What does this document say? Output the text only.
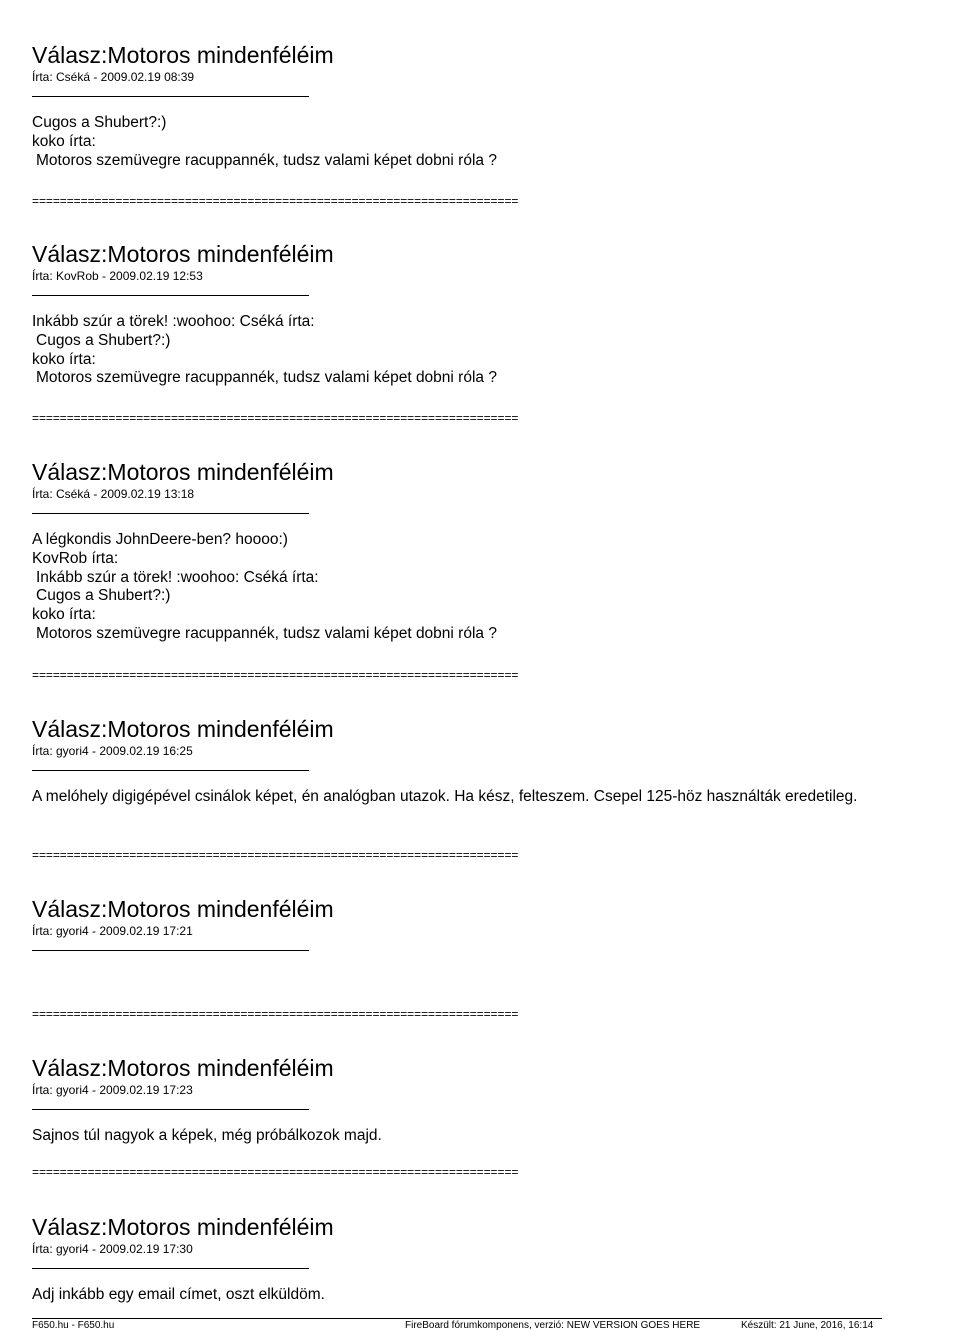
Válasz:Motoros mindenféléim
Írta: Cséká - 2009.02.19 08:39
Cugos a Shubert?:)
koko írta:
Motoros szemüvegre racuppannék, tudsz valami képet dobni róla ?
======================================================================
Válasz:Motoros mindenféléim
Írta: KovRob - 2009.02.19 12:53
Inkább szúr a törek! :woohoo: Cséká írta:
Cugos a Shubert?:)
koko írta:
Motoros szemüvegre racuppannék, tudsz valami képet dobni róla ?
======================================================================
Válasz:Motoros mindenféléim
Írta: Cséká - 2009.02.19 13:18
A légkondis JohnDeere-ben? hoooo:)
KovRob írta:
Inkább szúr a törek! :woohoo: Cséká írta:
Cugos a Shubert?:)
koko írta:
Motoros szemüvegre racuppannék, tudsz valami képet dobni róla ?
======================================================================
Válasz:Motoros mindenféléim
Írta: gyori4 - 2009.02.19 16:25
A melóhely digigépével csinálok képet, én analógban utazok. Ha kész, felteszem. Csepel 125-höz használták eredetileg.
======================================================================
Válasz:Motoros mindenféléim
Írta: gyori4 - 2009.02.19 17:21
======================================================================
Válasz:Motoros mindenféléim
Írta: gyori4 - 2009.02.19 17:23
Sajnos túl nagyok a képek, még próbálkozok majd.
======================================================================
Válasz:Motoros mindenféléim
Írta: gyori4 - 2009.02.19 17:30
Adj inkább egy email címet, oszt elküldöm.
F650.hu - F650.hu	FireBoard fórumkomponens, verzió: NEW VERSION GOES HERE	Készült: 21 June, 2016, 16:14
